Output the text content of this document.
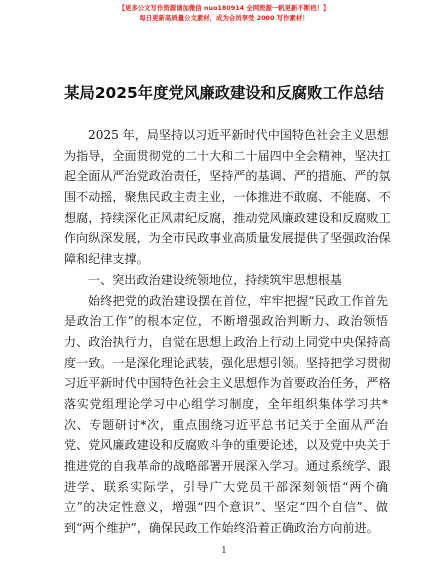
【更多公文写作资源请加微信 nuo180914 全网资源一帆更新不断档！】
每日更新高质量公文素材，成为会员享受 2000 写作素材！
某局2025年度党风廉政建设和反腐败工作总结
2025 年，局坚持以习近平新时代中国特色社会主义思想
为指导，全面贯彻党的二十大和二十届四中全会精神，坚决扛
起全面从严治党政治责任，坚持严的基调、严的措施、严的氛
围不动摇，聚焦民政主责主业，一体推进不敢腐、不能腐、不
想腐，持续深化正风肃纪反腐，推动党风廉政建设和反腐败工
作向纵深发展，为全市民政事业高质量发展提供了坚强政治保
障和纪律支撑。
一、突出政治建设统领地位，持续筑牢思想根基
始终把党的政治建设摆在首位，牢牢把握“民政工作首先
是政治工作”的根本定位，不断增强政治判断力、政治领悟
力、政治执行力，自觉在思想上政治上行动上同党中央保持高
度一致。一是深化理论武装，强化思想引领。坚持把学习贯彻
习近平新时代中国特色社会主义思想作为首要政治任务，严格
落实党组理论学习中心组学习制度，全年组织集体学习共*
次、专题研讨*次，重点围绕习近平总书记关于全面从严治
党、党风廉政建设和反腐败斗争的重要论述，以及党中央关于
推进党的自我革命的战略部署开展深入学习。通过系统学、跟
进学、联系实际学，引导广大党员干部深刻领悟“两个确
立”的决定性意义，增强“四个意识”、坚定“四个自信”、做
到“两个维护”，确保民政工作始终沿着正确政治方向前进。
1
